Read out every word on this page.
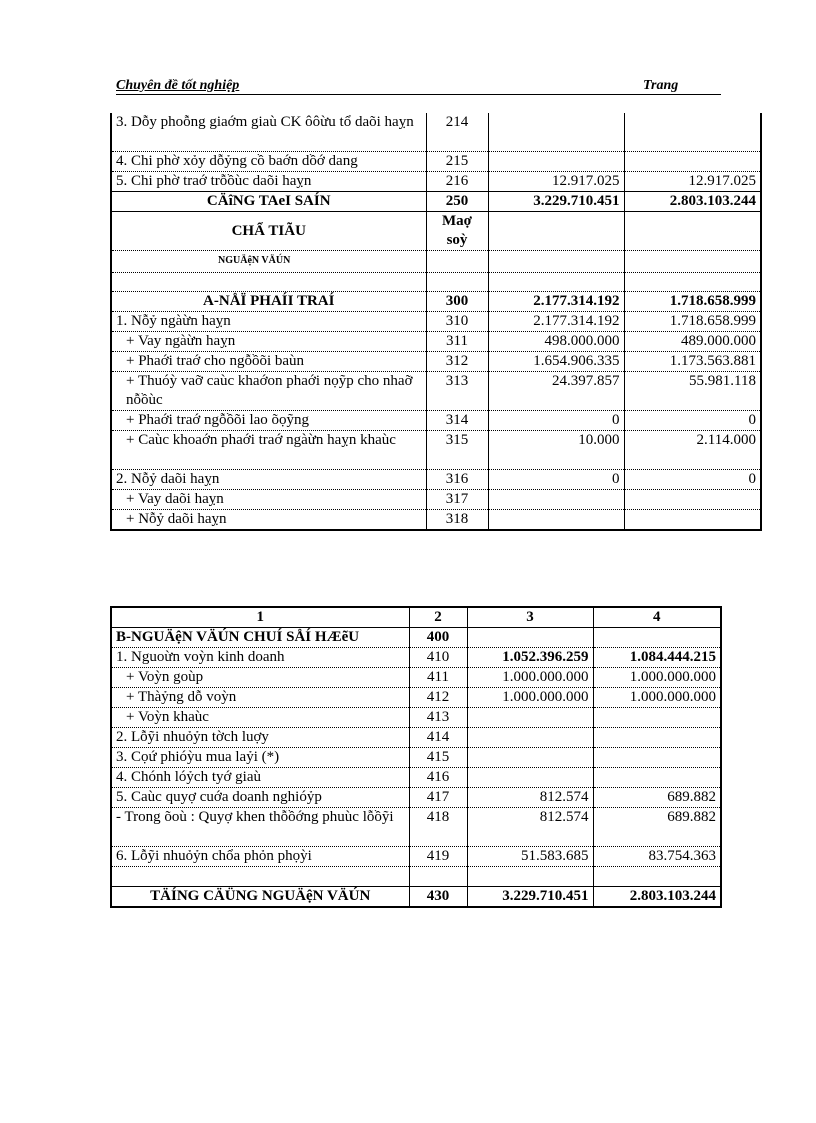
Chuyên đề tốt nghiệp	Trang
3. Dỗy phoỗng giaớm giaù CK ôôừu tổ daõi haỵn	214		
4. Chi phờ xỏy dỗỷng cồ baớn dồớ dang	215		
5. Chi phờ traớ trỗồùc daõi haỵn	216	12.917.025	12.917.025
CÄîNG TAeI SAÍN	250	3.229.710.451	2.803.103.244
CHẨ TIÃU	Maợ soỳ		
NGUÄệN VÄÚN			

A-NÅÏ PHAÍI TRAÍ	300	2.177.314.192	1.718.658.999
1. Nỗỷ ngàừn haỵn	310	2.177.314.192	1.718.658.999
+ Vay ngàừn haỵn	311	498.000.000	489.000.000
+ Phaới traớ cho ngỗồõi baùn	312	1.654.906.335	1.173.563.881
+ Thuóỳ vaỡ caùc khaớon phaới nọỹp cho nhaỡ nỗồùc	313	24.397.857	55.981.118
+ Phaới traớ ngỗồõi lao õọỹng	314	0	0
+ Caùc khoaớn phaới traớ ngàừn haỵn khaùc	315	10.000	2.114.000
2. Nỗỷ daõi haỵn	316	0	0
+ Vay daõi haỵn	317		
+ Nỗỷ daõi haỵn	318		
1	2	3	4
B-NGUÄệN VÄÚN CHUÍ SÅÍ HÆẽU	400		
1. Nguoừn voỳn kinh doanh	410	1.052.396.259	1.084.444.215
+ Voỳn goùp	411	1.000.000.000	1.000.000.000
+ Thàỷng dỗ voỳn	412	1.000.000.000	1.000.000.000
+ Voỳn khaùc	413		
2. Lỗỹi nhuỏỷn tờch luợy	414		
3. Cọứ phióỳu mua laỷi (*)	415		
4. Chónh lóỷch tyớ giaù	416		
5. Caùc quyợ cuớa doanh nghióỷp	417	812.574	689.882
- Trong õoù : Quyợ khen thỗồớng phuùc lỗồỹi	418	812.574	689.882
6. Lỗỹi nhuỏỷn chổa phỏn phọỳi	419	51.583.685	83.754.363

TÄÍNG CÄÜNG NGUÄệN VÄÚN	430	3.229.710.451	2.803.103.244
